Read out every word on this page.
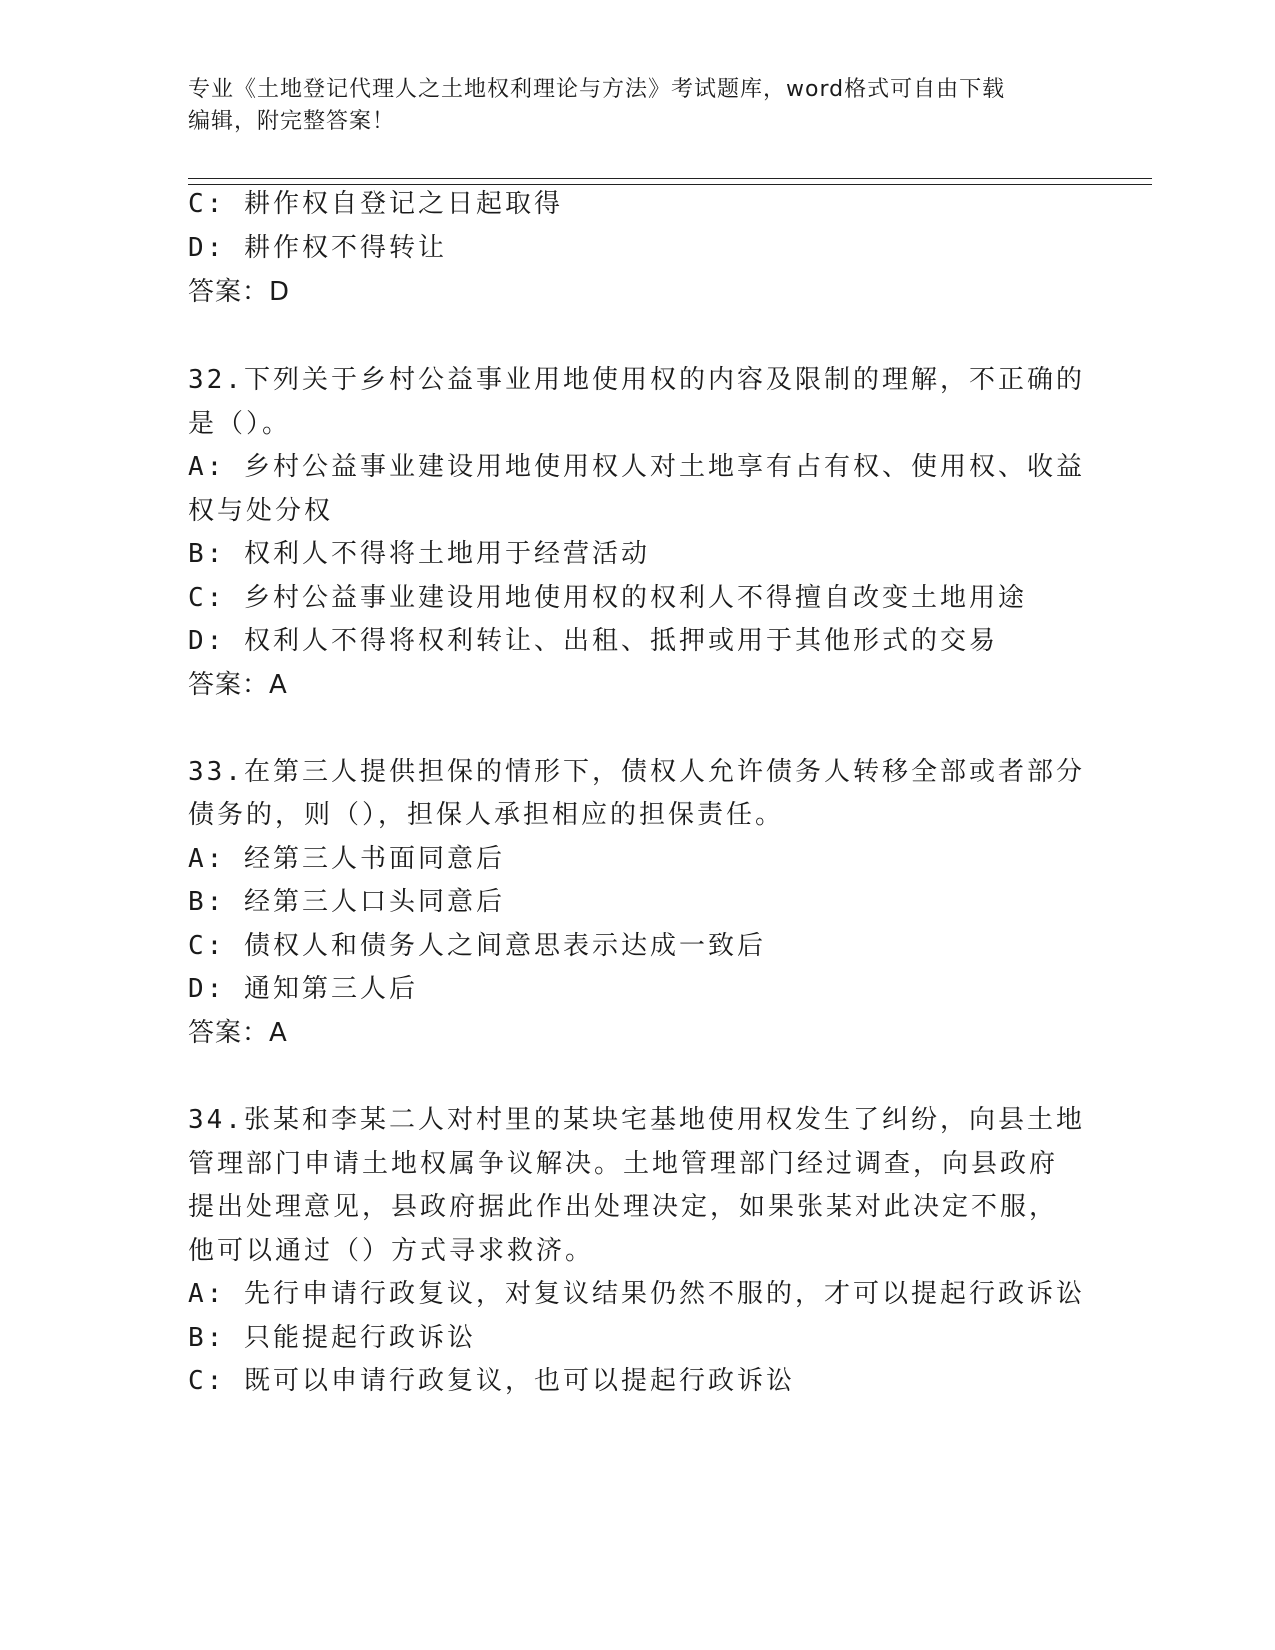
专业《土地登记代理人之土地权利理论与方法》考试题库，word格式可自由下载
编辑，附完整答案！
C: 耕作权自登记之日起取得
D: 耕作权不得转让
答案：D
32.下列关于乡村公益事业用地使用权的内容及限制的理解，不正确的
是（）。
A: 乡村公益事业建设用地使用权人对土地享有占有权、使用权、收益
权与处分权
B: 权利人不得将土地用于经营活动
C: 乡村公益事业建设用地使用权的权利人不得擅自改变土地用途
D: 权利人不得将权利转让、出租、抵押或用于其他形式的交易
答案：A
33.在第三人提供担保的情形下，债权人允许债务人转移全部或者部分
债务的，则（），担保人承担相应的担保责任。
A: 经第三人书面同意后
B: 经第三人口头同意后
C: 债权人和债务人之间意思表示达成一致后
D: 通知第三人后
答案：A
34.张某和李某二人对村里的某块宅基地使用权发生了纠纷，向县土地
管理部门申请土地权属争议解决。土地管理部门经过调查，向县政府
提出处理意见，县政府据此作出处理决定，如果张某对此决定不服，
他可以通过（）方式寻求救济。
A: 先行申请行政复议，对复议结果仍然不服的，才可以提起行政诉讼
B: 只能提起行政诉讼
C: 既可以申请行政复议，也可以提起行政诉讼
